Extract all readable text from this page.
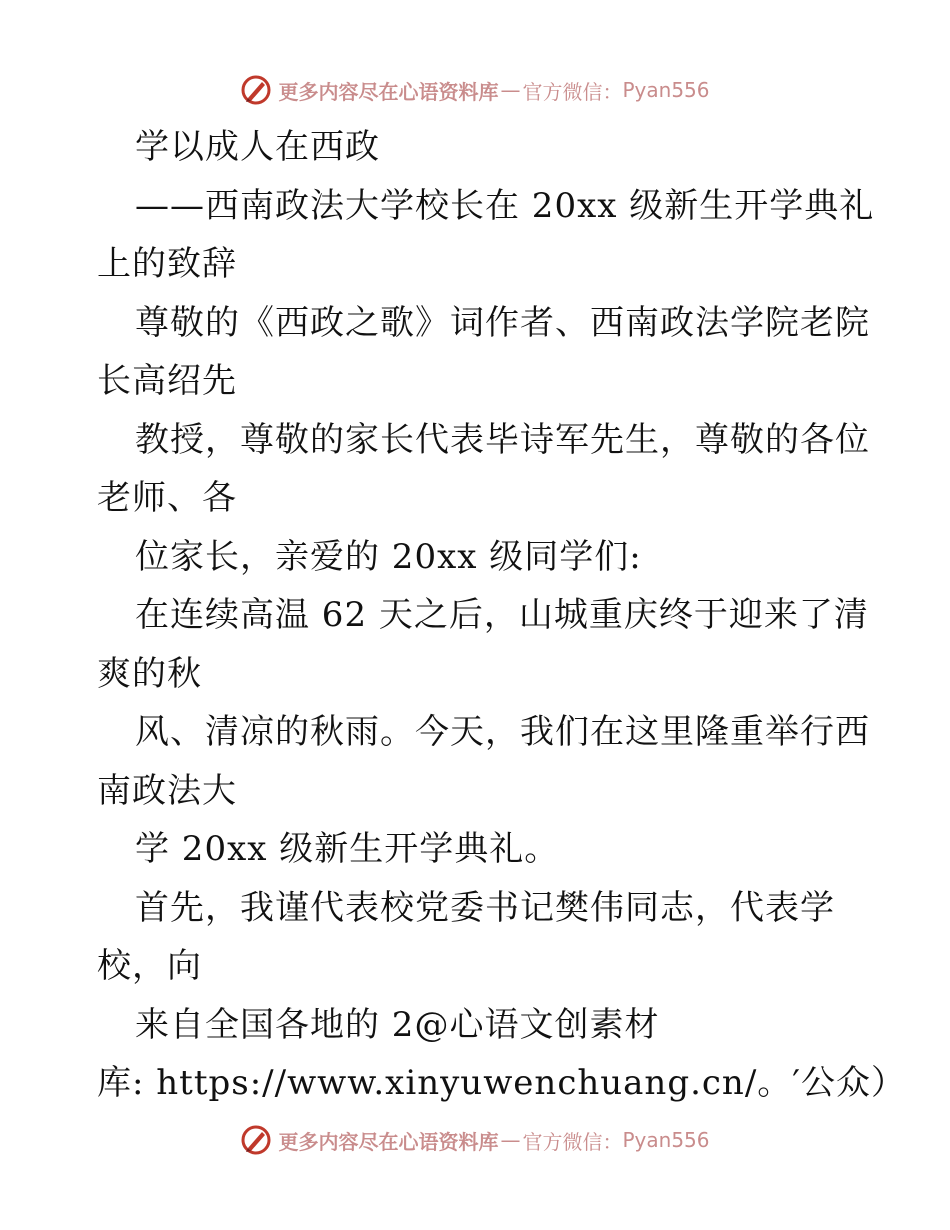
更多内容尽在心语资料库 — 官方微信： Pyan556
学以成人在西政
——西南政法大学校长在 20xx 级新生开学典礼
上的致辞
尊敬的《西政之歌》词作者、西南政法学院老院
长高绍先
教授，尊敬的家长代表毕诗军先生，尊敬的各位
老师、各
位家长，亲爱的 20xx 级同学们:
在连续高温 62 天之后，山城重庆终于迎来了清
爽的秋
风、清凉的秋雨。今天，我们在这里隆重举行西
南政法大
学 20xx 级新生开学典礼。
首先，我谨代表校党委书记樊伟同志，代表学
校，向
来自全国各地的 2@心语文创素材
库: https://www.xinyuwenchuang.cn/。′公众）
更多内容尽在心语资料库 — 官方微信： Pyan556
